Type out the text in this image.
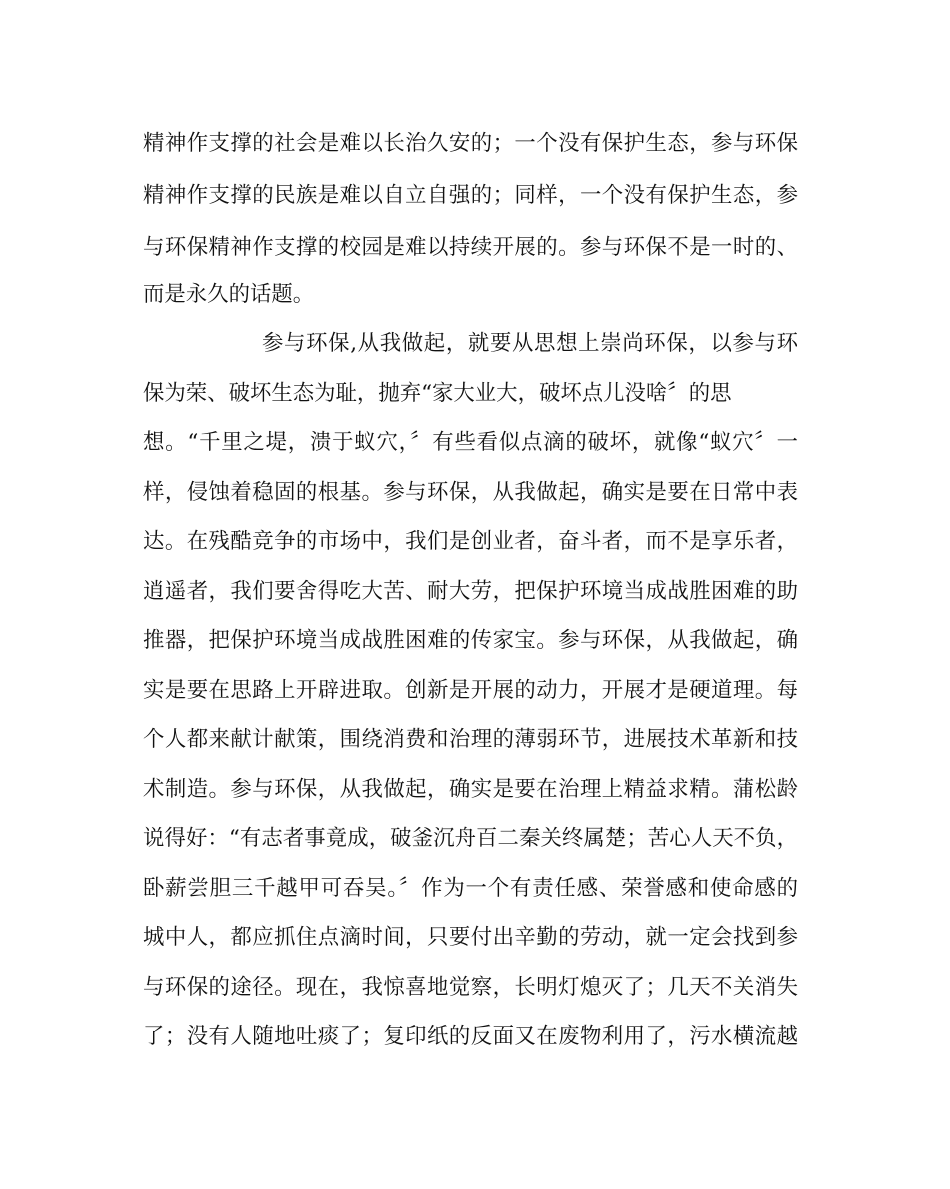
精神作支撑的社会是难以长治久安的；一个没有保护生态，参与环保
精神作支撑的民族是难以自立自强的；同样，一个没有保护生态，参
与环保精神作支撑的校园是难以持续开展的。参与环保不是一时的、
而是永久的话题。
参与环保,从我做起，就要从思想上崇尚环保，以参与环
保为荣、破坏生态为耻，抛弃“家大业大，破坏点儿没啥〞的思
想。“千里之堤，溃于蚁穴，〞有些看似点滴的破坏，就像“蚁穴〞一
样，侵蚀着稳固的根基。参与环保，从我做起，确实是要在日常中表
达。在残酷竞争的市场中，我们是创业者，奋斗者，而不是享乐者，
逍遥者，我们要舍得吃大苦、耐大劳，把保护环境当成战胜困难的助
推器，把保护环境当成战胜困难的传家宝。参与环保，从我做起，确
实是要在思路上开辟进取。创新是开展的动力，开展才是硬道理。每
个人都来献计献策，围绕消费和治理的薄弱环节，进展技术革新和技
术制造。参与环保，从我做起，确实是要在治理上精益求精。蒲松龄
说得好：“有志者事竟成，破釜沉舟百二秦关终属楚；苦心人天不负，
卧薪尝胆三千越甲可吞吴。〞作为一个有责任感、荣誉感和使命感的
城中人，都应抓住点滴时间，只要付出辛勤的劳动，就一定会找到参
与环保的途径。现在，我惊喜地觉察，长明灯熄灭了；几天不关消失
了；没有人随地吐痰了；复印纸的反面又在废物利用了，污水横流越
